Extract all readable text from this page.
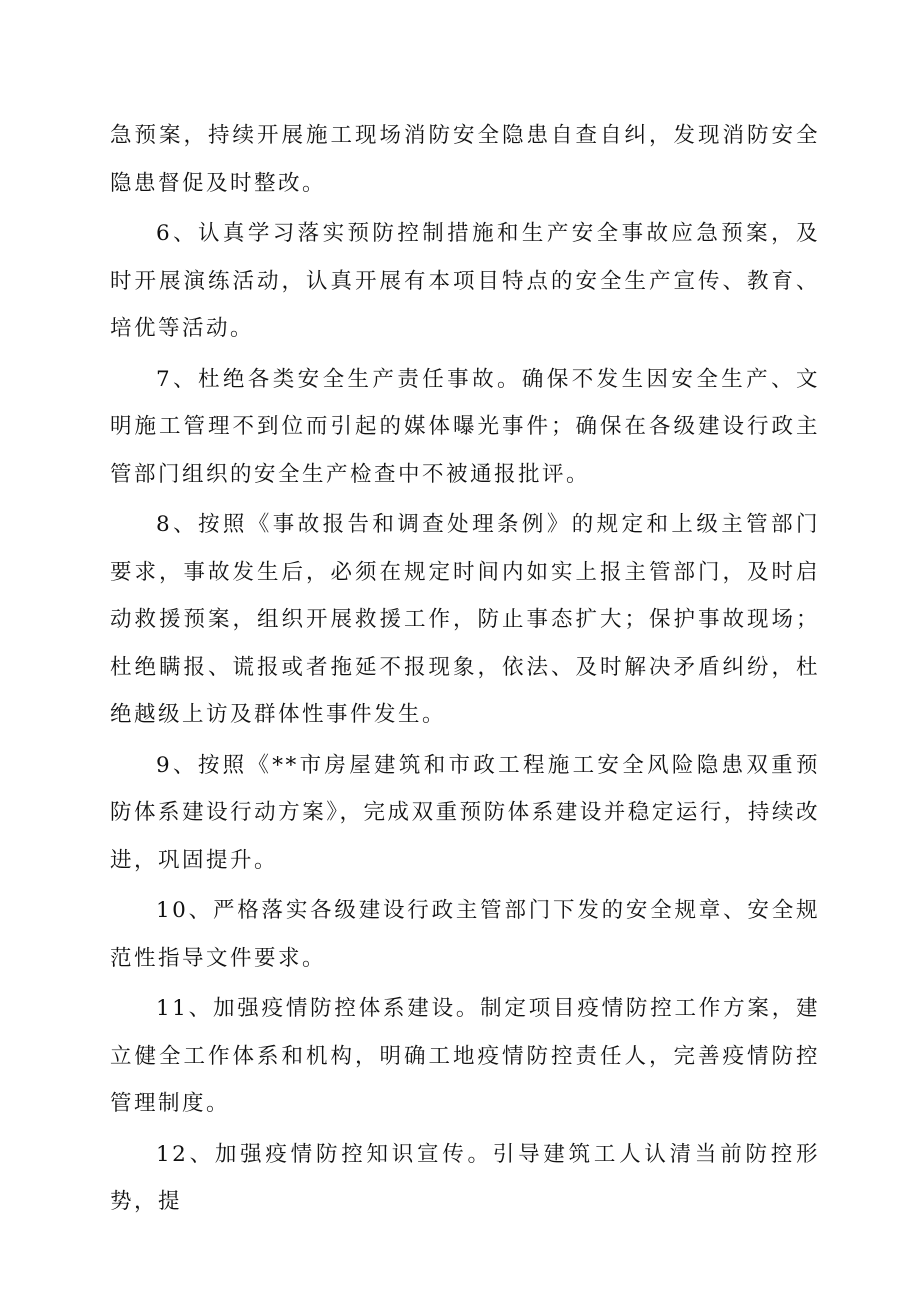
急预案，持续开展施工现场消防安全隐患自查自纠，发现消防安全隐患督促及时整改。

6、认真学习落实预防控制措施和生产安全事故应急预案，及时开展演练活动，认真开展有本项目特点的安全生产宣传、教育、培优等活动。

7、杜绝各类安全生产责任事故。确保不发生因安全生产、文明施工管理不到位而引起的媒体曝光事件；确保在各级建设行政主管部门组织的安全生产检查中不被通报批评。

8、按照《事故报告和调查处理条例》的规定和上级主管部门要求，事故发生后，必须在规定时间内如实上报主管部门，及时启动救援预案，组织开展救援工作，防止事态扩大；保护事故现场；杜绝瞒报、谎报或者拖延不报现象，依法、及时解决矛盾纠纷，杜绝越级上访及群体性事件发生。

9、按照《**市房屋建筑和市政工程施工安全风险隐患双重预防体系建设行动方案》，完成双重预防体系建设并稳定运行，持续改进，巩固提升。

10、严格落实各级建设行政主管部门下发的安全规章、安全规范性指导文件要求。

11、加强疫情防控体系建设。制定项目疫情防控工作方案，建立健全工作体系和机构，明确工地疫情防控责任人，完善疫情防控管理制度。

12、加强疫情防控知识宣传。引导建筑工人认清当前防控形势，提
